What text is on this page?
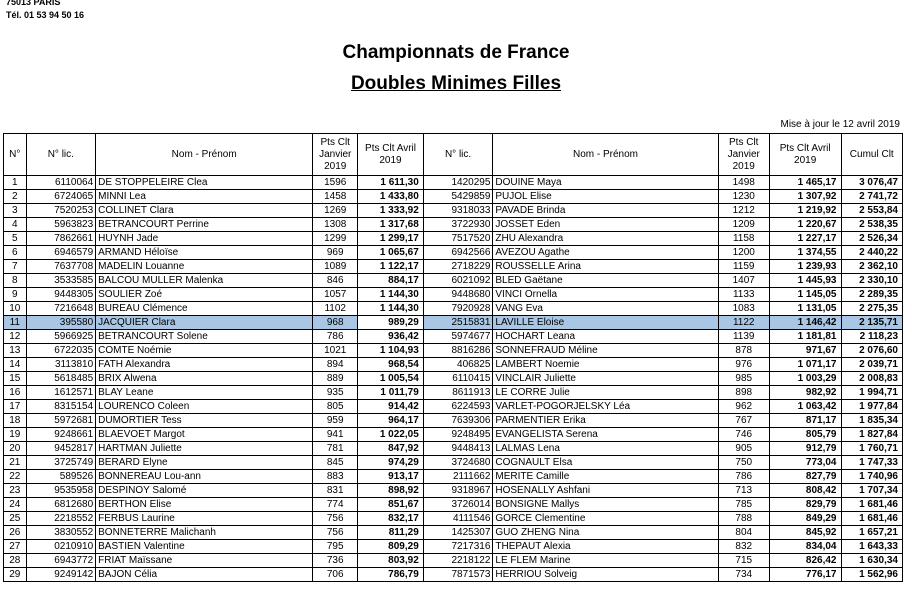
75013 PARIS
Tél. 01 53 94 50 16
Championnats de France
Doubles Minimes Filles
Mise à jour le 12 avril 2019
N°	N° lic.	Nom - Prénom	Pts Clt Janvier 2019	Pts Clt Avril 2019	N° lic.	Nom - Prénom	Pts Clt Janvier 2019	Pts Clt Avril 2019	Cumul Clt
1	6110064	DE STOPPELEIRE Clea	1596	1 611,30	1420295	DOUINE Maya	1498	1 465,17	3 076,47
2	6724065	MINNI Lea	1458	1 433,80	5429859	PUJOL Elise	1230	1 307,92	2 741,72
3	7520253	COLLINET Clara	1269	1 333,92	9318033	PAVADE Brinda	1212	1 219,92	2 553,84
4	5963823	BETRANCOURT Perrine	1308	1 317,68	3722930	JOSSET Eden	1209	1 220,67	2 538,35
5	7862661	HUYNH Jade	1299	1 299,17	7517520	ZHU Alexandra	1158	1 227,17	2 526,34
6	6946579	ARMAND Héloïse	969	1 065,67	6942566	AVEZOU Agathe	1200	1 374,55	2 440,22
7	7637708	MADELIN Louanne	1089	1 122,17	2718229	ROUSSELLE Arina	1159	1 239,93	2 362,10
8	3533585	BALCOU MULLER Malenka	846	884,17	6021092	BLED Gaëtane	1407	1 445,93	2 330,10
9	9448305	SOULIER Zoé	1057	1 144,30	9448680	VINCI Ornella	1133	1 145,05	2 289,35
10	7216648	BUREAU Clémence	1102	1 144,30	7920928	VANG Eva	1083	1 131,05	2 275,35
11	395580	JACQUIER Clara	968	989,29	2515831	LAVILLE Eloise	1122	1 146,42	2 135,71
12	5966925	BETRANCOURT Solene	786	936,42	5974677	HOCHART Leana	1139	1 181,81	2 118,23
13	6722035	COMTE Noémie	1021	1 104,93	8816286	SONNEFRAUD Méline	878	971,67	2 076,60
14	3113810	FATH Alexandra	894	968,54	406825	LAMBERT Noemie	976	1 071,17	2 039,71
15	5618485	BRIX Alwena	889	1 005,54	6110415	VINCLAIR Juliette	985	1 003,29	2 008,83
16	1612571	BLAY Leane	935	1 011,79	8611913	LE CORRE Julie	898	982,92	1 994,71
17	8315154	LOURENCO Coleen	805	914,42	6224593	VARLET-POGORJELSKY Léa	962	1 063,42	1 977,84
18	5972681	DUMORTIER Tess	959	964,17	7639306	PARMENTIER Erika	767	871,17	1 835,34
19	9248661	BLAEVOET Margot	941	1 022,05	9248495	EVANGELISTA Serena	746	805,79	1 827,84
20	9452817	HARTMAN Juliette	781	847,92	9448413	LALMAS Lena	905	912,79	1 760,71
21	3725749	BERARD Elyne	845	974,29	3724680	COGNAULT Elsa	750	773,04	1 747,33
22	589526	BONNEREAU Lou-ann	883	913,17	2111662	MERITE Camille	786	827,79	1 740,96
23	9535958	DESPINOY Salomé	831	898,92	9318967	HOSENALLY Ashfani	713	808,42	1 707,34
24	6812680	BERTHON Elise	774	851,67	3726014	BONSIGNE Mallys	785	829,79	1 681,46
25	2218552	FERBUS Laurine	756	832,17	4111546	GORCE Clementine	788	849,29	1 681,46
26	3830552	BONNETERRE Malichanh	756	811,29	1425307	GUO ZHENG Nina	804	845,92	1 657,21
27	0210910	BASTIEN Valentine	795	809,29	7217316	THEPAUT Alexia	832	834,04	1 643,33
28	6943772	FRIAT Maïssane	736	803,92	2218122	LE FLEM Marine	715	826,42	1 630,34
29	9249142	BAJON Célia	706	786,79	7871573	HERRIOU Solveig	734	776,17	1 562,96
